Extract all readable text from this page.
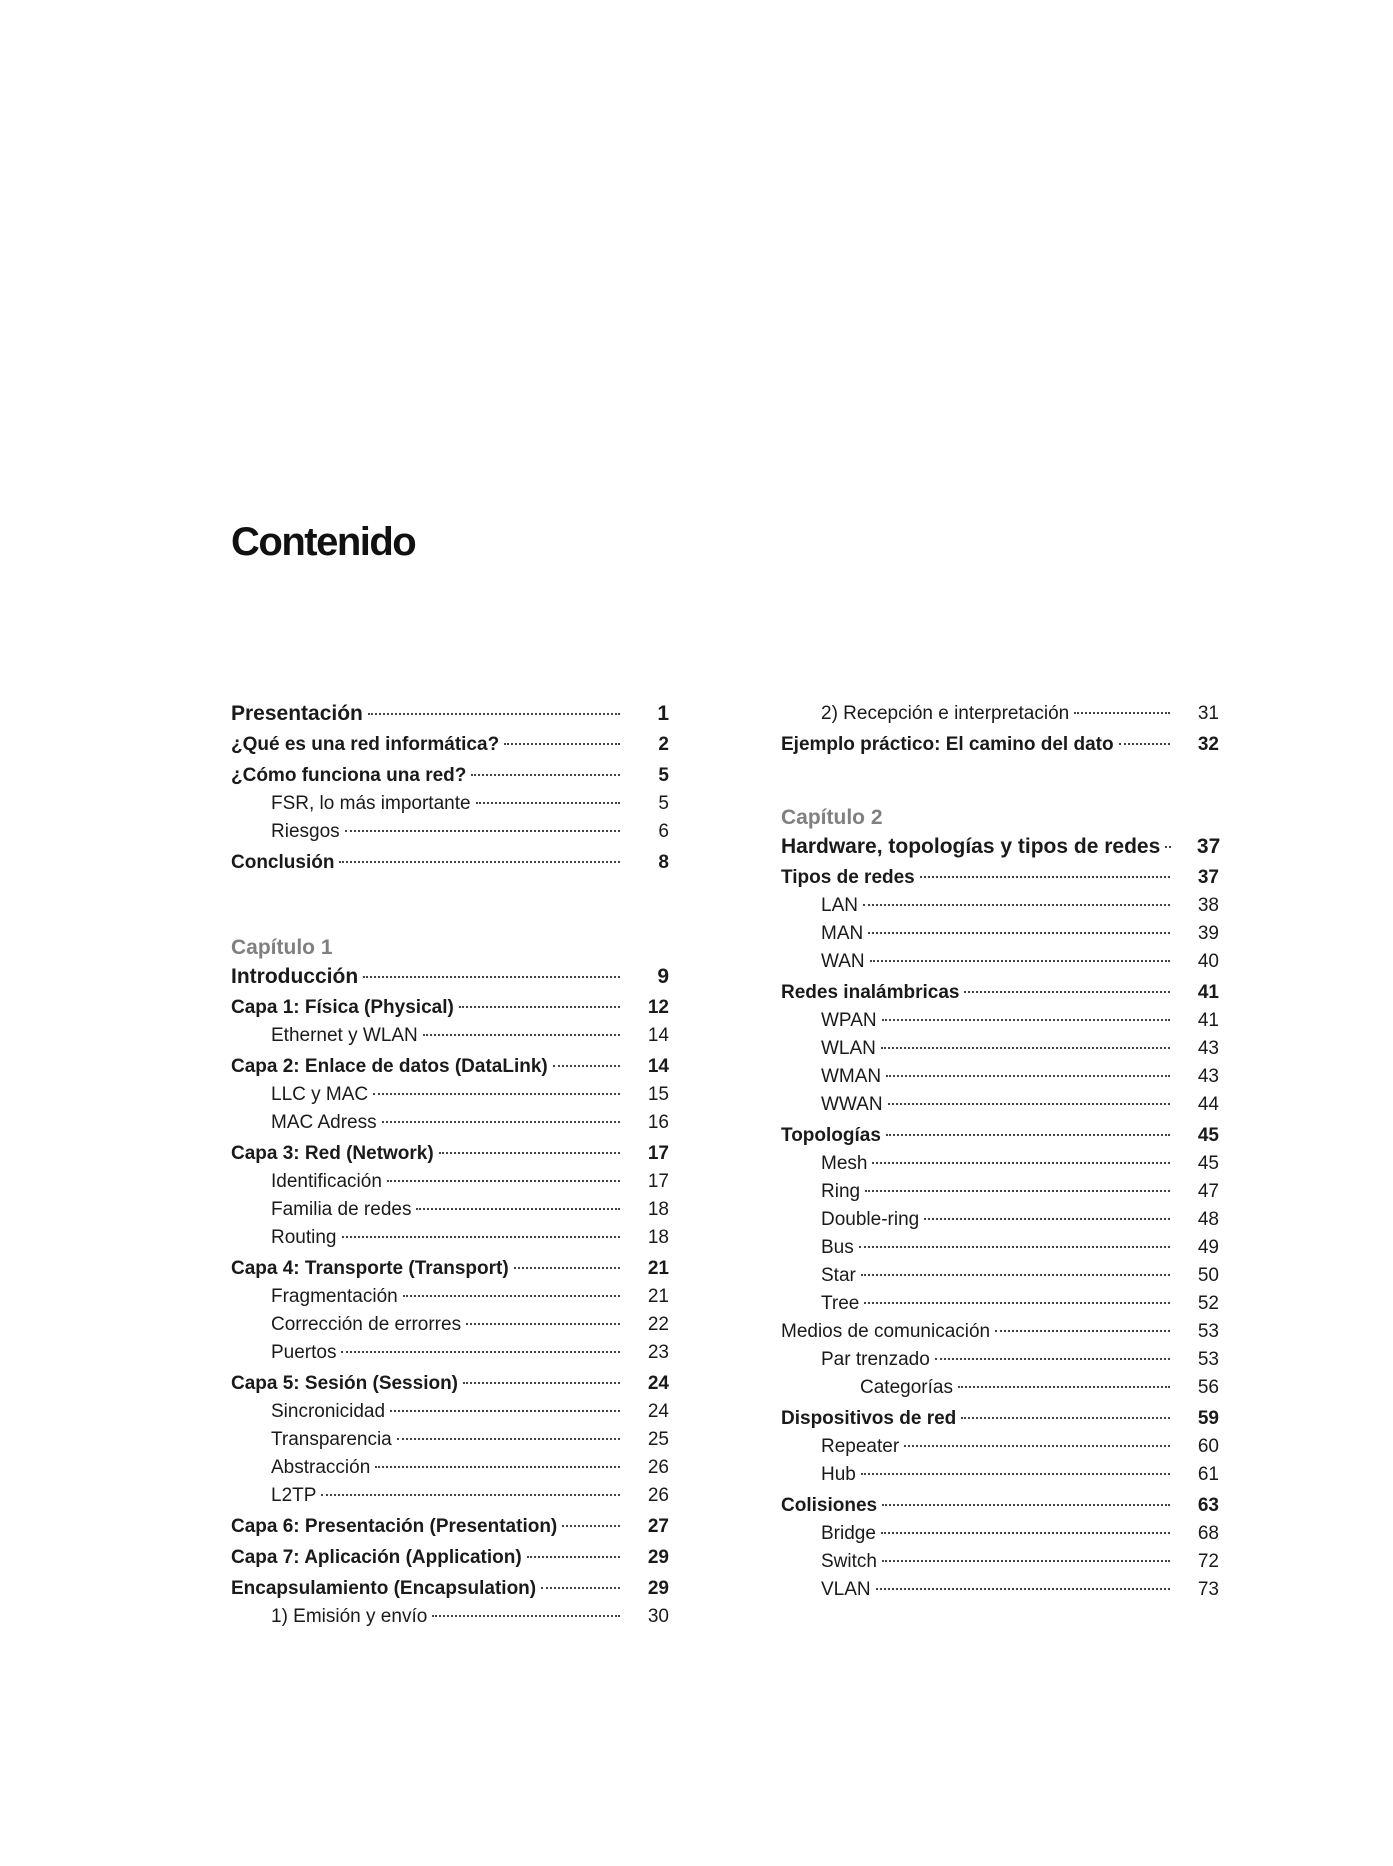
Contenido
Presentación	1
¿Qué es una red informática?	2
¿Cómo funciona una red?	5
FSR, lo más importante	5
Riesgos	6
Conclusión	8
Capítulo 1
Introducción	9
Capa 1: Física (Physical)	12
Ethernet y WLAN	14
Capa 2: Enlace de datos (DataLink)	14
LLC y MAC	15
MAC Adress	16
Capa 3: Red (Network)	17
Identificación	17
Familia de redes	18
Routing	18
Capa 4: Transporte (Transport)	21
Fragmentación	21
Corrección de errorres	22
Puertos	23
Capa 5: Sesión (Session)	24
Sincronicidad	24
Transparencia	25
Abstracción	26
L2TP	26
Capa 6: Presentación (Presentation)	27
Capa 7: Aplicación (Application)	29
Encapsulamiento (Encapsulation)	29
1) Emisión y envío	30
2) Recepción e interpretación	31
Ejemplo práctico: El camino del dato	32
Capítulo 2
Hardware, topologías y tipos de redes	37
Tipos de redes	37
LAN	38
MAN	39
WAN	40
Redes inalámbricas	41
WPAN	41
WLAN	43
WMAN	43
WWAN	44
Topologías	45
Mesh	45
Ring	47
Double-ring	48
Bus	49
Star	50
Tree	52
Medios de comunicación	53
Par trenzado	53
Categorías	56
Dispositivos de red	59
Repeater	60
Hub	61
Colisiones	63
Bridge	68
Switch	72
VLAN	73
